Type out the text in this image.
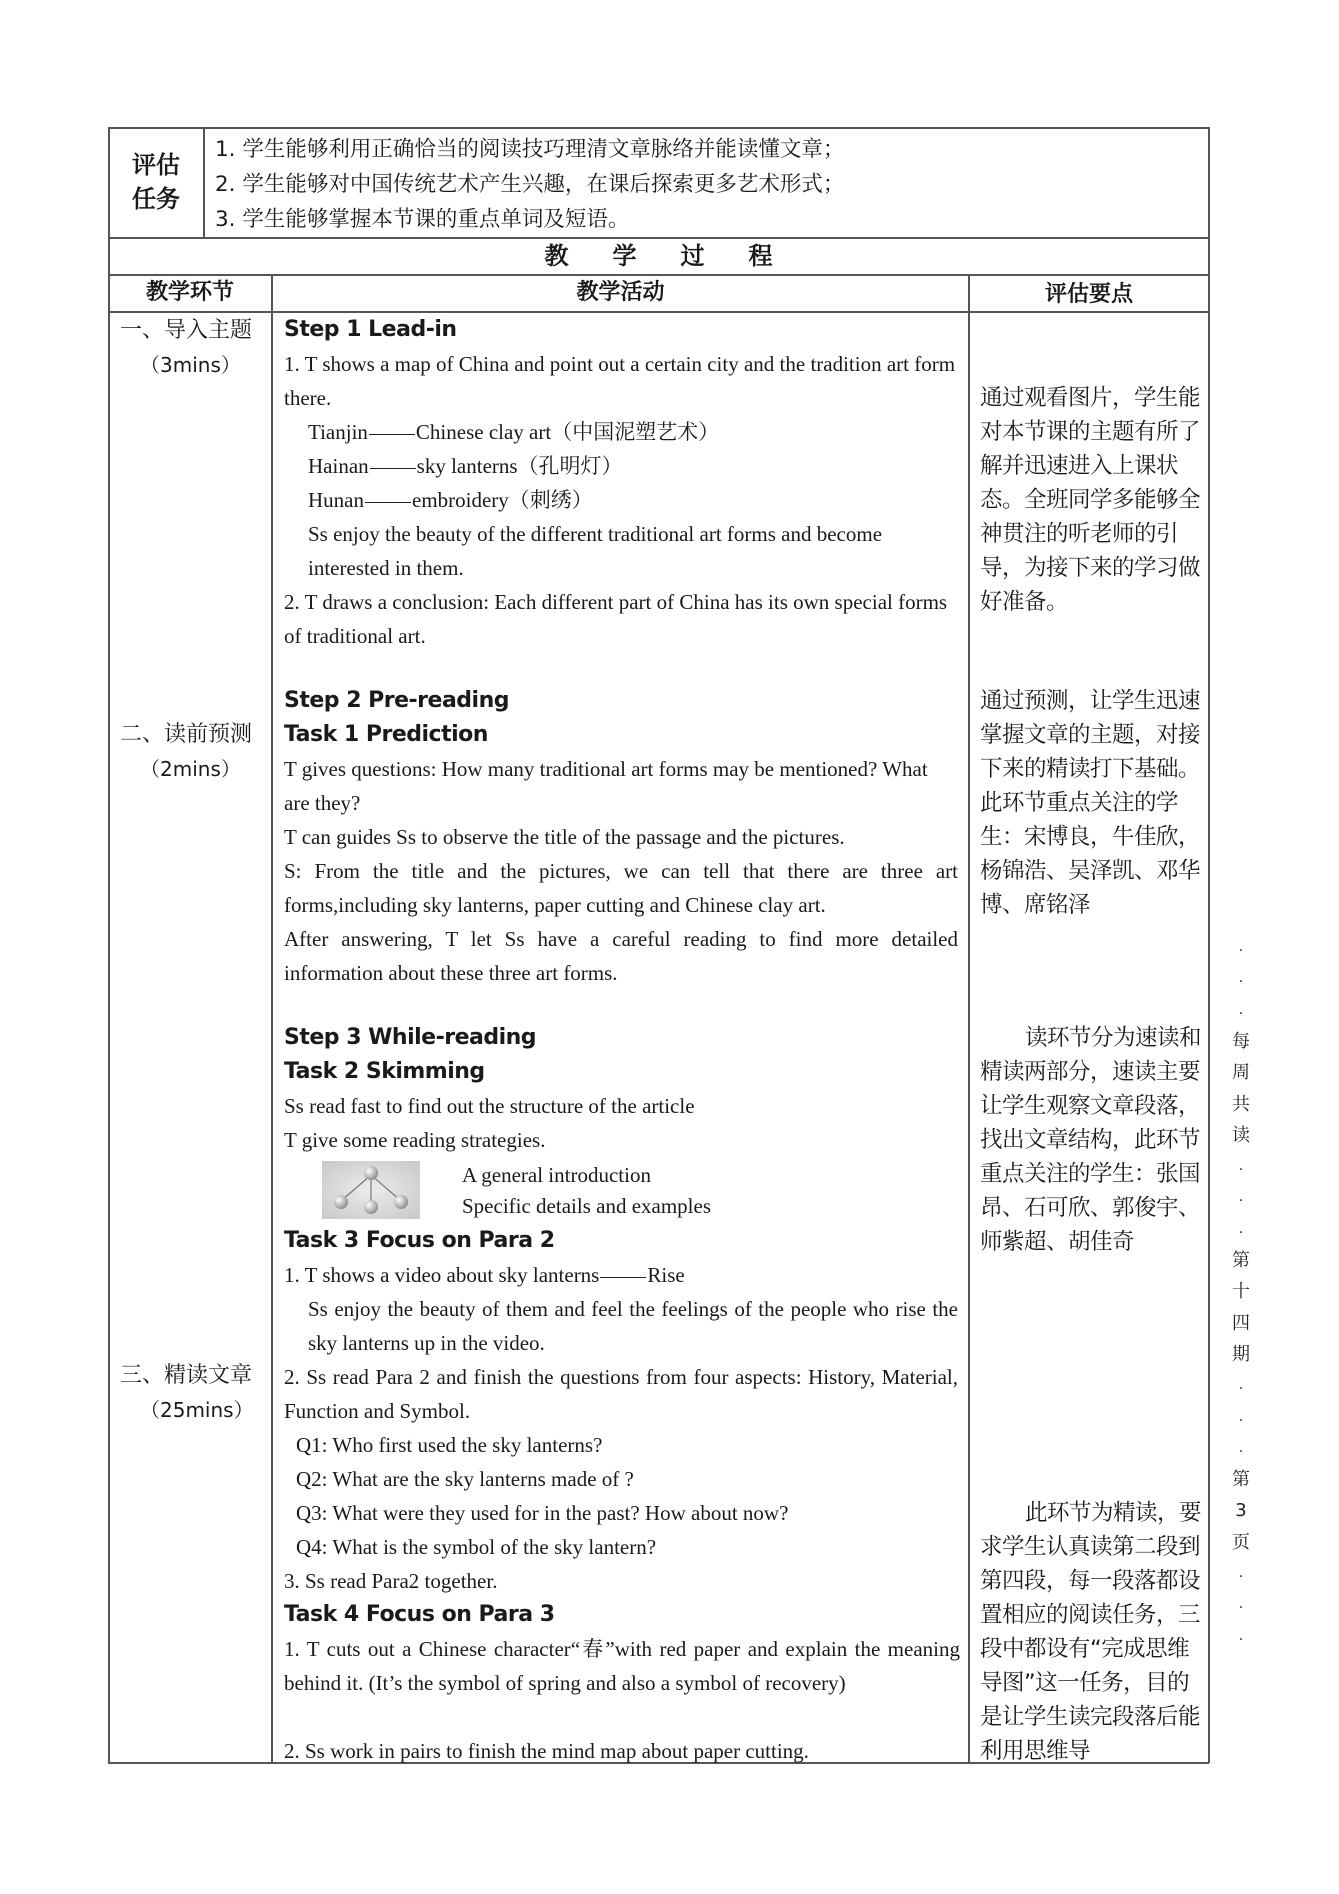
评估任务
1. 学生能够利用正确恰当的阅读技巧理清文章脉络并能读懂文章；
2. 学生能够对中国传统艺术产生兴趣，在课后探索更多艺术形式；
3. 学生能够掌握本节课的重点单词及短语。
教学过程
教学环节	教学活动	评估要点
一、导入主题
（3mins）
二、读前预测
（2mins）
三、精读文章
（25mins）
Step 1 Lead-in
1. T shows a map of China and point out a certain city and the tradition art form there.
Tianjin Chinese clay art（中国泥塑艺术）
Hainan sky lanterns（孔明灯）
Hunan embroidery（刺绣）
Ss enjoy the beauty of the different traditional art forms and become interested in them.
2. T draws a conclusion: Each different part of China has its own special forms of traditional art.
Step 2 Pre-reading
Task 1 Prediction
T gives questions: How many traditional art forms may be mentioned? What are they?
T can guides Ss to observe the title of the passage and the pictures.
S: From the title and the pictures, we can tell that there are three art forms,including sky lanterns, paper cutting and Chinese clay art.
After answering, T let Ss have a careful reading to find more detailed information about these three art forms.
Step 3 While-reading
Task 2 Skimming
Ss read fast to find out the structure of the article
T give some reading strategies.
A general introduction
Specific details and examples
Task 3 Focus on Para 2
1. T shows a video about sky lanterns Rise
Ss enjoy the beauty of them and feel the feelings of the people who rise the sky lanterns up in the video.
2. Ss read Para 2 and finish the questions from four aspects: History, Material, Function and Symbol.
Q1: Who first used the sky lanterns?
Q2: What are the sky lanterns made of ?
Q3: What were they used for in the past? How about now?
Q4: What is the symbol of the sky lantern?
3. Ss read Para2 together.
Task 4 Focus on Para 3
1. T cuts out a Chinese character“春”with red paper and explain the meaning behind it. (It’s the symbol of spring and also a symbol of recovery)
2. Ss work in pairs to finish the mind map about paper cutting.
通过观看图片，学生能对本节课的主题有所了解并迅速进入上课状态。全班同学多能够全神贯注的听老师的引导，为接下来的学习做好准备。
通过预测，让学生迅速掌握文章的主题，对接下来的精读打下基础。此环节重点关注的学生：宋博良，牛佳欣，杨锦浩、吴泽凯、邓华博、席铭泽
读环节分为速读和精读两部分，速读主要让学生观察文章段落，找出文章结构，此环节重点关注的学生：张国昂、石可欣、郭俊宇、师紫超、胡佳奇
此环节为精读，要求学生认真读第二段到第四段，每一段落都设置相应的阅读任务，三段中都设有“完成思维导图”这一任务，目的是让学生读完段落后能利用思维导
.
.
.
每
周
共
读
.
.
.
第
十
四
期
.
.
.
第
3
页
.
.
.
